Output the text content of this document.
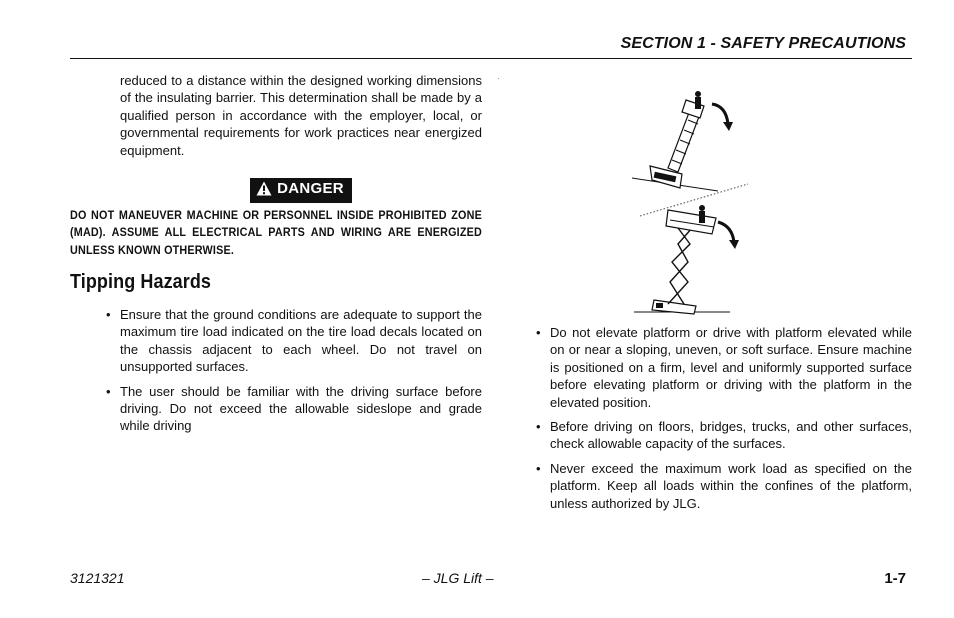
SECTION 1 - SAFETY PRECAUTIONS

reduced to a distance within the designed working dimensions of the insulating barrier. This determination shall be made by a qualified person in accordance with the employer, local, or governmental requirements for work practices near energized equipment.

DANGER
DO NOT MANEUVER MACHINE OR PERSONNEL INSIDE PROHIBITED ZONE (MAD). ASSUME ALL ELECTRICAL PARTS AND WIRING ARE ENERGIZED UNLESS KNOWN OTHERWISE.
Tipping Hazards
• Ensure that the ground conditions are adequate to support the maximum tire load indicated on the tire load decals located on the chassis adjacent to each wheel. Do not travel on unsupported surfaces.
• The user should be familiar with the driving surface before driving. Do not exceed the allowable sideslope and grade while driving
• Do not elevate platform or drive with platform elevated while on or near a sloping, uneven, or soft surface. Ensure machine is positioned on a firm, level and uniformly supported surface before elevating platform or driving with the platform in the elevated position.
• Before driving on floors, bridges, trucks, and other surfaces, check allowable capacity of the surfaces.
• Never exceed the maximum work load as specified on the platform. Keep all loads within the confines of the platform, unless authorized by JLG.
3121321	– JLG Lift –	1-7
